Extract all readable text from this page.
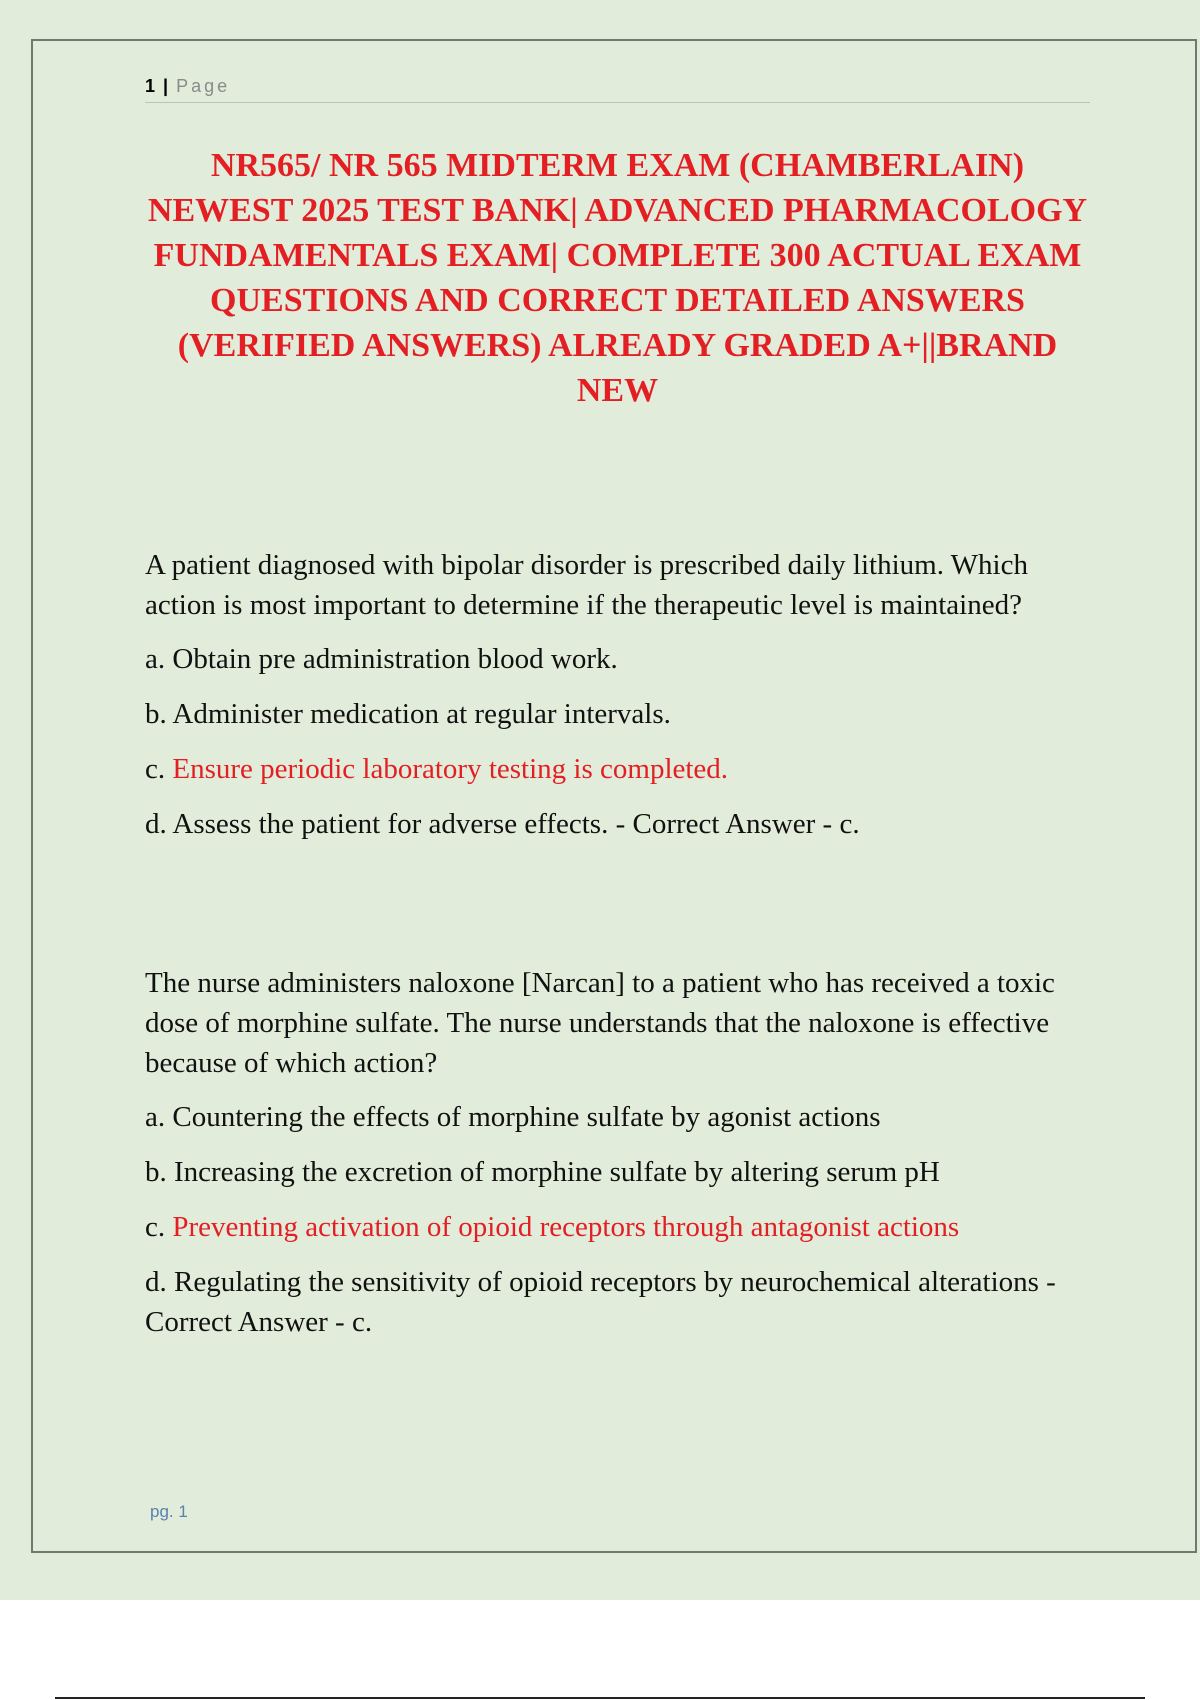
1 | Page
NR565/ NR 565 MIDTERM EXAM (CHAMBERLAIN) NEWEST 2025 TEST BANK| ADVANCED PHARMACOLOGY FUNDAMENTALS EXAM| COMPLETE 300 ACTUAL EXAM QUESTIONS AND CORRECT DETAILED ANSWERS (VERIFIED ANSWERS) ALREADY GRADED A+||BRAND NEW

A patient diagnosed with bipolar disorder is prescribed daily lithium. Which action is most important to determine if the therapeutic level is maintained?

a. Obtain pre administration blood work.

b. Administer medication at regular intervals.

c. Ensure periodic laboratory testing is completed.

d. Assess the patient for adverse effects. - Correct Answer - c.

The nurse administers naloxone [Narcan] to a patient who has received a toxic dose of morphine sulfate. The nurse understands that the naloxone is effective because of which action?

a. Countering the effects of morphine sulfate by agonist actions

b. Increasing the excretion of morphine sulfate by altering serum pH

c. Preventing activation of opioid receptors through antagonist actions

d. Regulating the sensitivity of opioid receptors by neurochemical alterations - Correct Answer - c.

pg. 1
